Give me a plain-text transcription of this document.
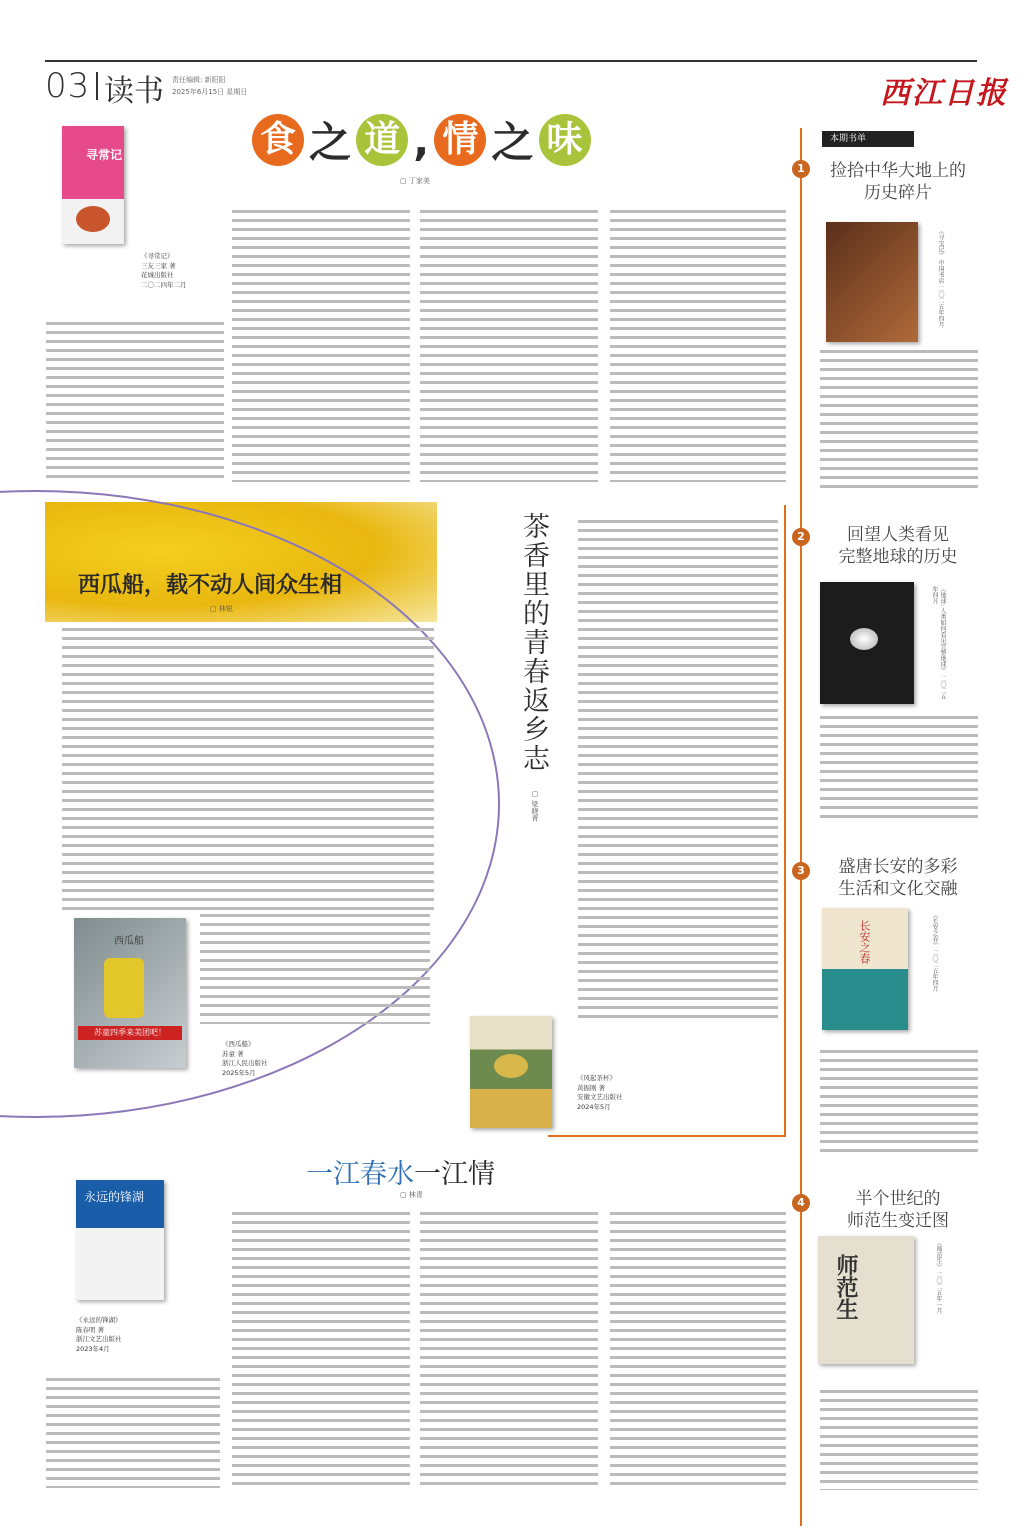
03 读书 责任编辑: 新阳阳
2025年6月15日 星期日	西江日报
寻常记
《寻常记》
三友三家 著
花城出版社
二〇二四年二月
食 之 道 , 情 之 味
▢ 丁家美
西瓜船，载不动人间众生相
▢ 林锐
苏童四季来美团吧！
西瓜船
《西瓜船》
苏童 著
浙江人民出版社
2025年5月
茶香里的青春返乡志
▢ 梁晓青
《风起茶杯》
黄振刚 著
安徽文艺出版社
2024年5月
一江春水一江情
▢ 林青
永远的锋湖
《永远的锋湖》
陈春明 著
浙江文艺出版社
2023年4月
本期书单
1	捡拾中华大地上的
历史碎片
《寻宝记》 中国书店 二〇二五年四月
2	回望人类看见
完整地球的历史
《地球: 人类如何看见完整地球》 二〇二五年四月
3	盛唐长安的多彩
生活和文化交融
长安之春	《长安之春》 二〇二五年四月
4	半个世纪的
师范生变迁图
师范生	《师范生》 二〇二五年一月
